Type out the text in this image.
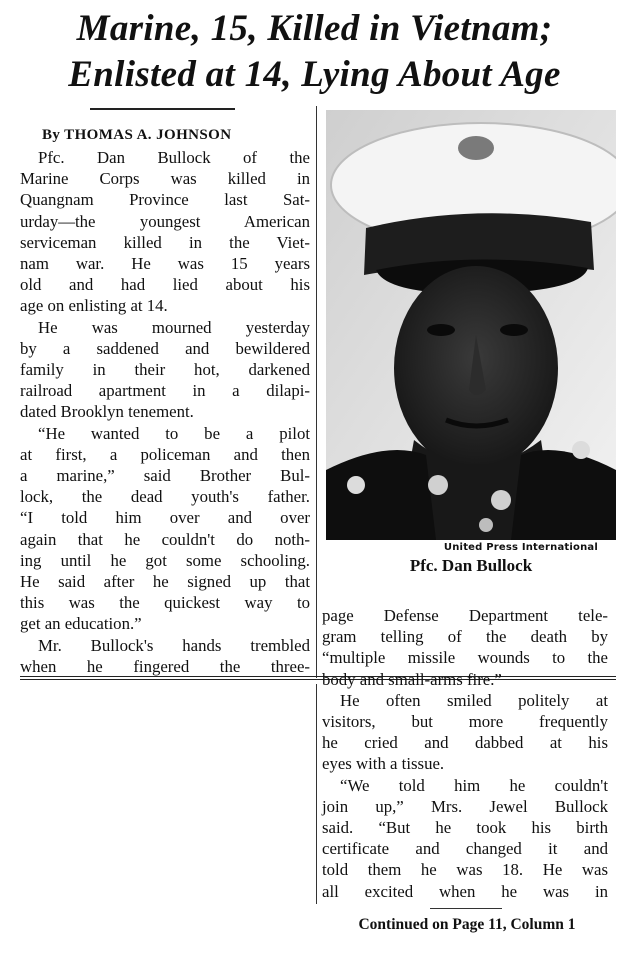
Marine, 15, Killed in Vietnam;
Enlisted at 14, Lying About Age
By THOMAS A. JOHNSON
Pfc. Dan Bullock of the
Marine Corps was killed in
Quangnam Province last Sat-
urday—the youngest American
serviceman killed in the Viet-
nam war. He was 15 years
old and had lied about his
age on enlisting at 14.
He was mourned yesterday
by a saddened and bewildered
family in their hot, darkened
railroad apartment in a dilapi-
dated Brooklyn tenement.
“He wanted to be a pilot
at first, a policeman and then
a marine,” said Brother Bul-
lock, the dead youth's father.
“I told him over and over
again that he couldn't do noth-
ing until he got some schooling.
He said after he signed up that
this was the quickest way to
get an education.”
Mr. Bullock's hands trembled
when he fingered the three-
United Press International
Pfc. Dan Bullock
page Defense Department tele-
gram telling of the death by
“multiple missile wounds to the
body and small-arms fire.”
He often smiled politely at
visitors, but more frequently
he cried and dabbed at his
eyes with a tissue.
“We told him he couldn't
join up,” Mrs. Jewel Bullock
said. “But he took his birth
certificate and changed it and
told them he was 18. He was
all excited when he was in
Continued on Page 11, Column 1
